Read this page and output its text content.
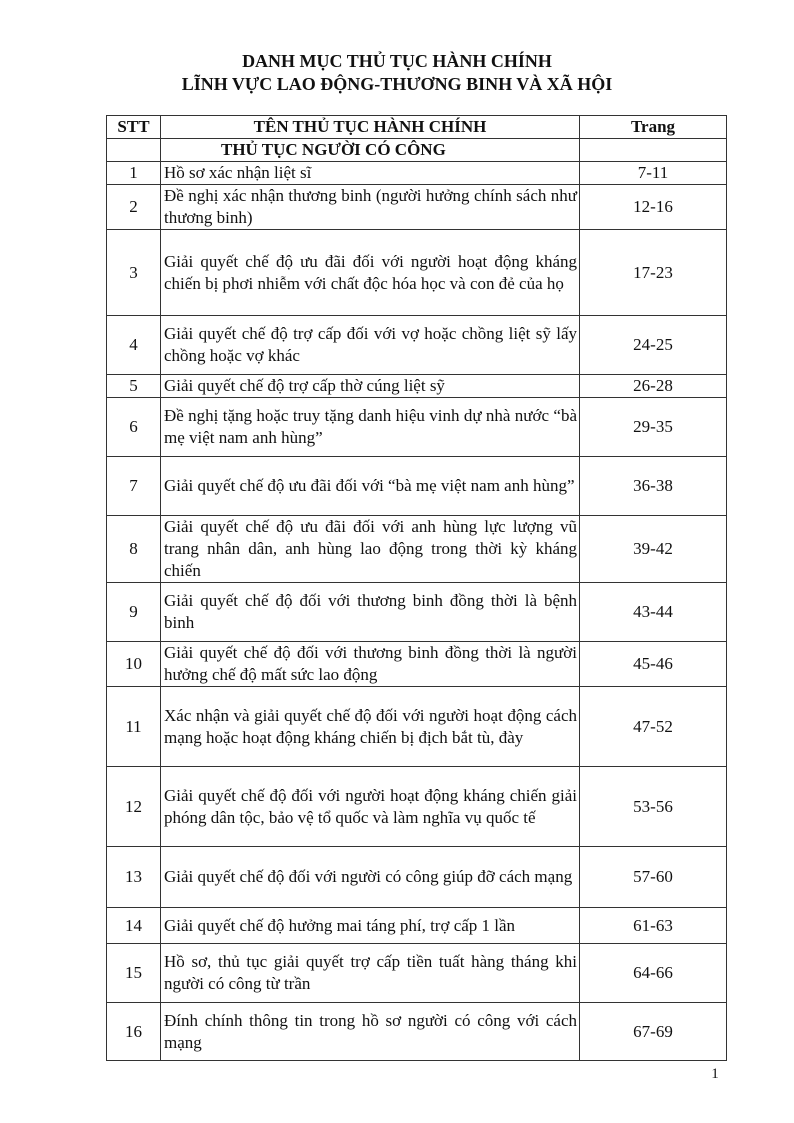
DANH MỤC THỦ TỤC HÀNH CHÍNH
LĨNH VỰC LAO ĐỘNG-THƯƠNG BINH VÀ XÃ HỘI
STT	TÊN THỦ TỤC HÀNH CHÍNH	Trang
	THỦ TỤC NGƯỜI CÓ CÔNG	
1	Hồ sơ xác nhận liệt sĩ	7-11
2	Đề nghị xác nhận thương binh (người hưởng chính sách như thương binh)	12-16
3	Giải quyết chế độ ưu đãi đối với người hoạt động kháng chiến bị phơi nhiễm với chất độc hóa học và con đẻ của họ	17-23
4	Giải quyết chế độ trợ cấp đối với vợ hoặc chồng liệt sỹ lấy chồng hoặc vợ khác	24-25
5	Giải quyết chế độ trợ cấp thờ cúng liệt sỹ	26-28
6	Đề nghị tặng hoặc truy tặng danh hiệu vinh dự nhà nước “bà mẹ việt nam anh hùng”	29-35
7	Giải quyết chế độ ưu đãi đối với “bà mẹ việt nam anh hùng”	36-38
8	Giải quyết chế độ ưu đãi đối với anh hùng lực lượng vũ trang nhân dân, anh hùng lao động trong thời kỳ kháng chiến	39-42
9	Giải quyết chế độ đối với thương binh đồng thời là bệnh binh	43-44
10	Giải quyết chế độ đối với thương binh đồng thời là người hưởng chế độ mất sức lao động	45-46
11	Xác nhận và giải quyết chế độ đối với người hoạt động cách mạng hoặc hoạt động kháng chiến bị địch bắt tù, đày	47-52
12	Giải quyết chế độ đối với người hoạt động kháng chiến giải phóng dân tộc, bảo vệ tổ quốc và làm nghĩa vụ quốc tế	53-56
13	Giải quyết chế độ đối với người có công giúp đỡ cách mạng	57-60
14	Giải quyết chế độ hưởng mai táng phí, trợ cấp 1 lần	61-63
15	Hồ sơ, thủ tục giải quyết trợ cấp tiền tuất hàng tháng khi người có công từ trần	64-66
16	Đính chính thông tin trong hồ sơ người có công với cách mạng	67-69
1
